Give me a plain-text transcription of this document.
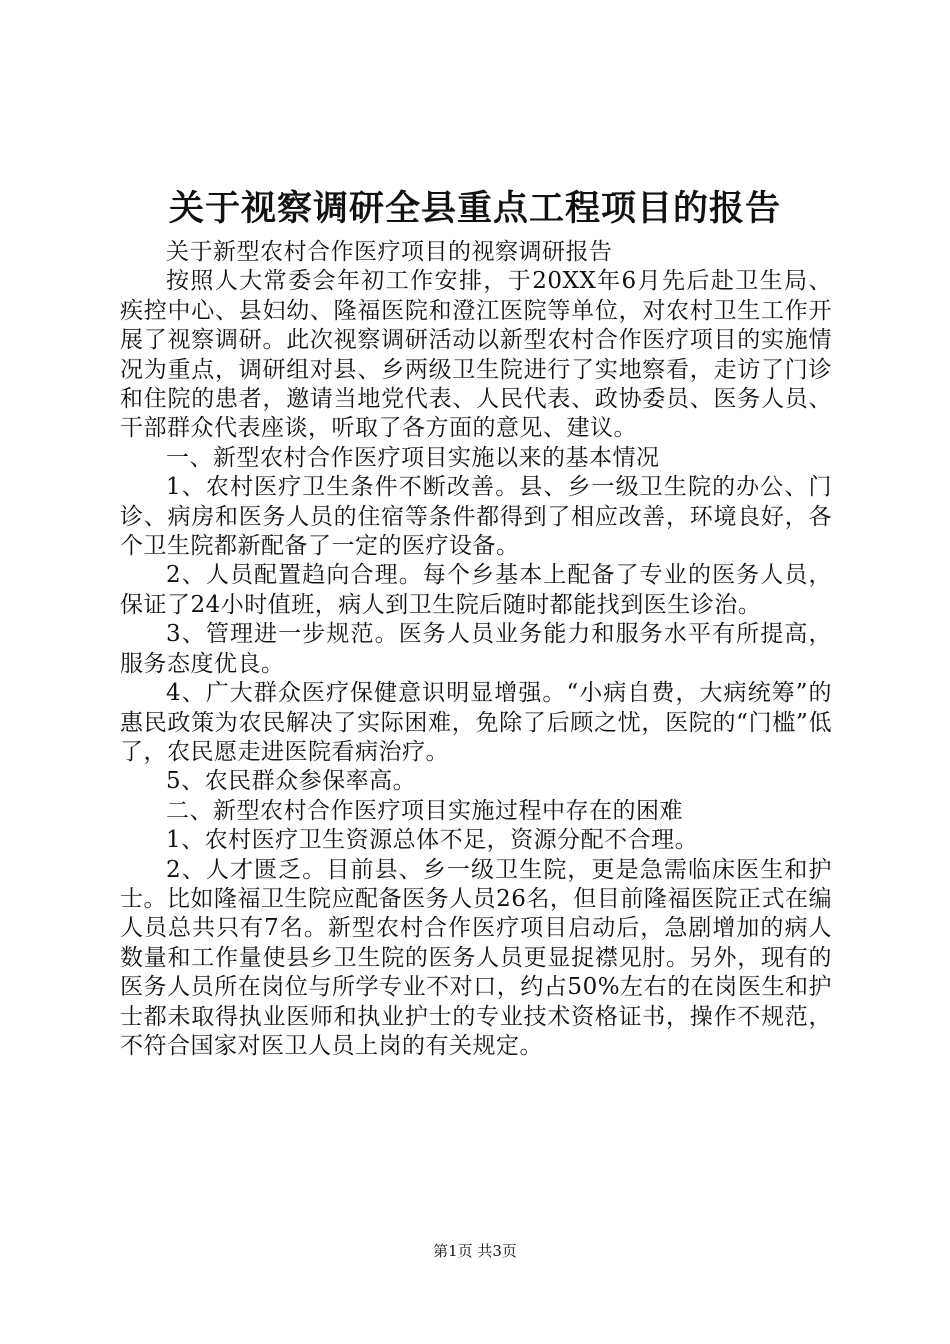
关于视察调研全县重点工程项目的报告

关于新型农村合作医疗项目的视察调研报告

按照人大常委会年初工作安排，于20XX年6月先后赴卫生局、疾控中心、县妇幼、隆福医院和澄江医院等单位，对农村卫生工作开展了视察调研。此次视察调研活动以新型农村合作医疗项目的实施情况为重点，调研组对县、乡两级卫生院进行了实地察看，走访了门诊和住院的患者，邀请当地党代表、人民代表、政协委员、医务人员、干部群众代表座谈，听取了各方面的意见、建议。

一、新型农村合作医疗项目实施以来的基本情况

1、农村医疗卫生条件不断改善。县、乡一级卫生院的办公、门诊、病房和医务人员的住宿等条件都得到了相应改善，环境良好，各个卫生院都新配备了一定的医疗设备。

2、人员配置趋向合理。每个乡基本上配备了专业的医务人员，保证了24小时值班，病人到卫生院后随时都能找到医生诊治。

3、管理进一步规范。医务人员业务能力和服务水平有所提高，服务态度优良。

4、广大群众医疗保健意识明显增强。“小病自费，大病统筹”的惠民政策为农民解决了实际困难，免除了后顾之忧，医院的“门槛”低了，农民愿走进医院看病治疗。

5、农民群众参保率高。

二、新型农村合作医疗项目实施过程中存在的困难

1、农村医疗卫生资源总体不足，资源分配不合理。

2、人才匮乏。目前县、乡一级卫生院，更是急需临床医生和护士。比如隆福卫生院应配备医务人员26名，但目前隆福医院正式在编人员总共只有7名。新型农村合作医疗项目启动后，急剧增加的病人数量和工作量使县乡卫生院的医务人员更显捉襟见肘。另外，现有的医务人员所在岗位与所学专业不对口，约占50%左右的在岗医生和护士都未取得执业医师和执业护士的专业技术资格证书，操作不规范，不符合国家对医卫人员上岗的有关规定。

第1页 共3页
